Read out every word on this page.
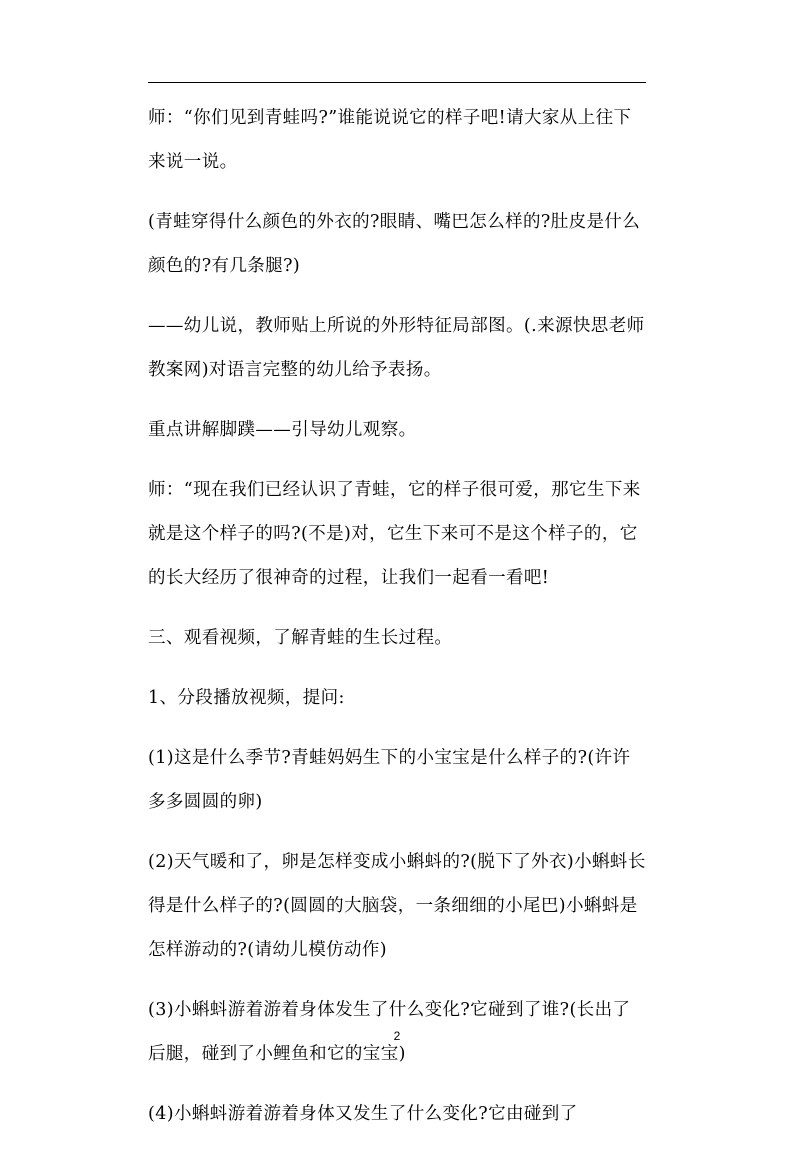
师：“你们见到青蛙吗?”谁能说说它的样子吧!请大家从上往下来说一说。

(青蛙穿得什么颜色的外衣的?眼睛、嘴巴怎么样的?肚皮是什么颜色的?有几条腿?)

——幼儿说，教师贴上所说的外形特征局部图。(.来源快思老师教案网)对语言完整的幼儿给予表扬。

重点讲解脚蹼——引导幼儿观察。

师：“现在我们已经认识了青蛙，它的样子很可爱，那它生下来就是这个样子的吗?(不是)对，它生下来可不是这个样子的，它的长大经历了很神奇的过程，让我们一起看一看吧!

三、观看视频，了解青蛙的生长过程。

1、分段播放视频，提问:

(1)这是什么季节?青蛙妈妈生下的小宝宝是什么样子的?(许许多多圆圆的卵)

(2)天气暖和了，卵是怎样变成小蝌蚪的?(脱下了外衣)小蝌蚪长得是什么样子的?(圆圆的大脑袋，一条细细的小尾巴)小蝌蚪是怎样游动的?(请幼儿模仿动作)

(3)小蝌蚪游着游着身体发生了什么变化?它碰到了谁?(长出了后腿，碰到了小鲤鱼和它的宝宝)

(4)小蝌蚪游着游着身体又发生了什么变化?它由碰到了

2
